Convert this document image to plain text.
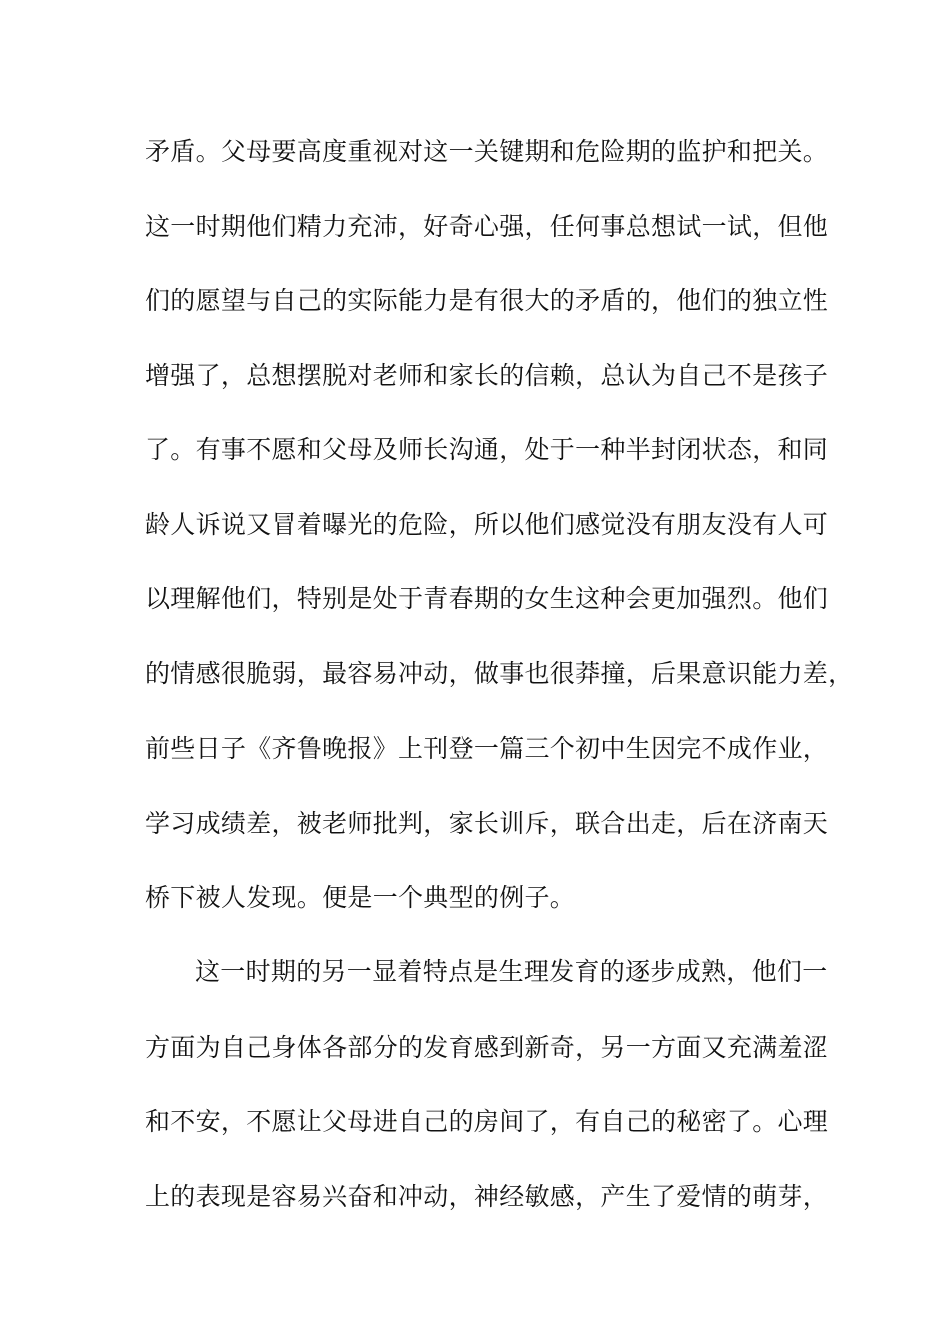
矛盾。父母要高度重视对这一关键期和危险期的监护和把关。
这一时期他们精力充沛，好奇心强，任何事总想试一试，但他
们的愿望与自己的实际能力是有很大的矛盾的，他们的独立性
增强了，总想摆脱对老师和家长的信赖，总认为自己不是孩子
了。有事不愿和父母及师长沟通，处于一种半封闭状态，和同
龄人诉说又冒着曝光的危险，所以他们感觉没有朋友没有人可
以理解他们，特别是处于青春期的女生这种会更加强烈。他们
的情感很脆弱，最容易冲动，做事也很莽撞，后果意识能力差，
前些日子《齐鲁晚报》上刊登一篇三个初中生因完不成作业，
学习成绩差，被老师批判，家长训斥，联合出走，后在济南天
桥下被人发现。便是一个典型的例子。
这一时期的另一显着特点是生理发育的逐步成熟，他们一
方面为自己身体各部分的发育感到新奇，另一方面又充满羞涩
和不安，不愿让父母进自己的房间了，有自己的秘密了。心理
上的表现是容易兴奋和冲动，神经敏感，产生了爱情的萌芽，
